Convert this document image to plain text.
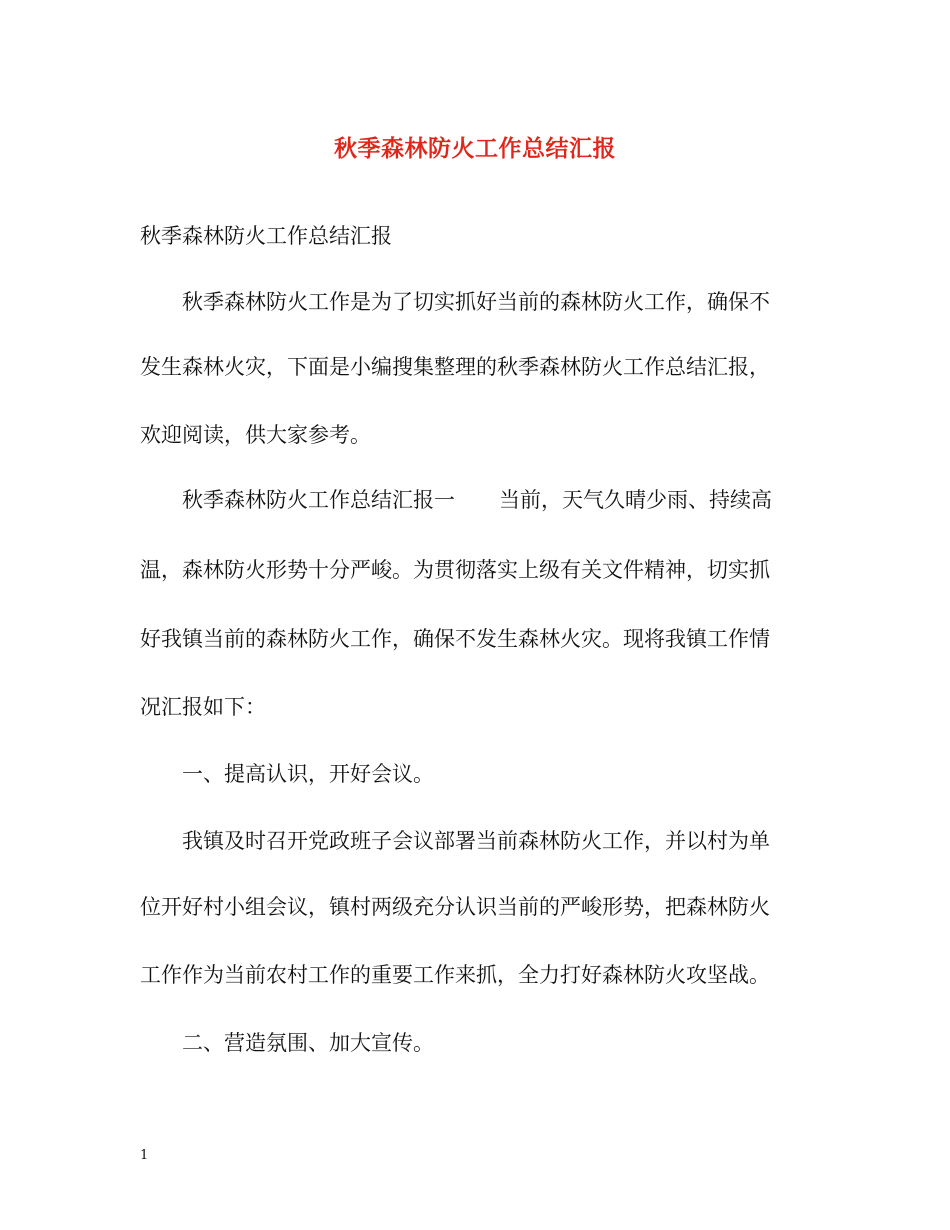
秋季森林防火工作总结汇报
秋季森林防火工作总结汇报
　　秋季森林防火工作是为了切实抓好当前的森林防火工作，确保不
发生森林火灾，下面是小编搜集整理的秋季森林防火工作总结汇报，
欢迎阅读，供大家参考。
　　秋季森林防火工作总结汇报一 当前，天气久晴少雨、持续高
温，森林防火形势十分严峻。为贯彻落实上级有关文件精神，切实抓
好我镇当前的森林防火工作，确保不发生森林火灾。现将我镇工作情
况汇报如下：
　　一、提高认识，开好会议。
　　我镇及时召开党政班子会议部署当前森林防火工作，并以村为单
位开好村小组会议，镇村两级充分认识当前的严峻形势，把森林防火
工作作为当前农村工作的重要工作来抓，全力打好森林防火攻坚战。
　　二、营造氛围、加大宣传。
1
